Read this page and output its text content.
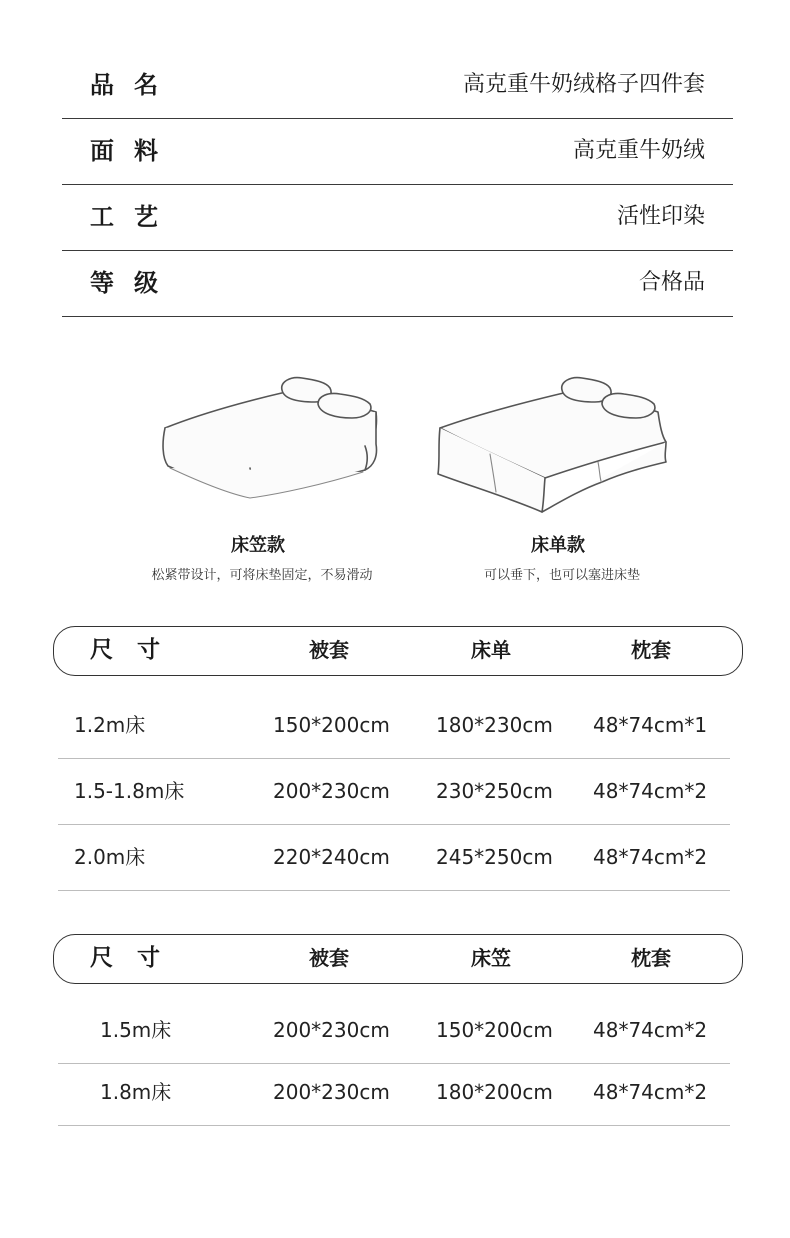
品名	高克重牛奶绒格子四件套
面料	高克重牛奶绒
工艺	活性印染
等级	合格品
床笠款
松紧带设计，可将床垫固定，不易滑动
床单款
可以垂下，也可以塞进床垫
尺寸	被套	床单	枕套
1.2m床	150*200cm 180*230cm 48*74cm*1
1.5-1.8m床	200*230cm 230*250cm 48*74cm*2
2.0m床	220*240cm 245*250cm 48*74cm*2
尺寸	被套	床笠	枕套
1.5m床	200*230cm 150*200cm 48*74cm*2
1.8m床	200*230cm 180*200cm 48*74cm*2
